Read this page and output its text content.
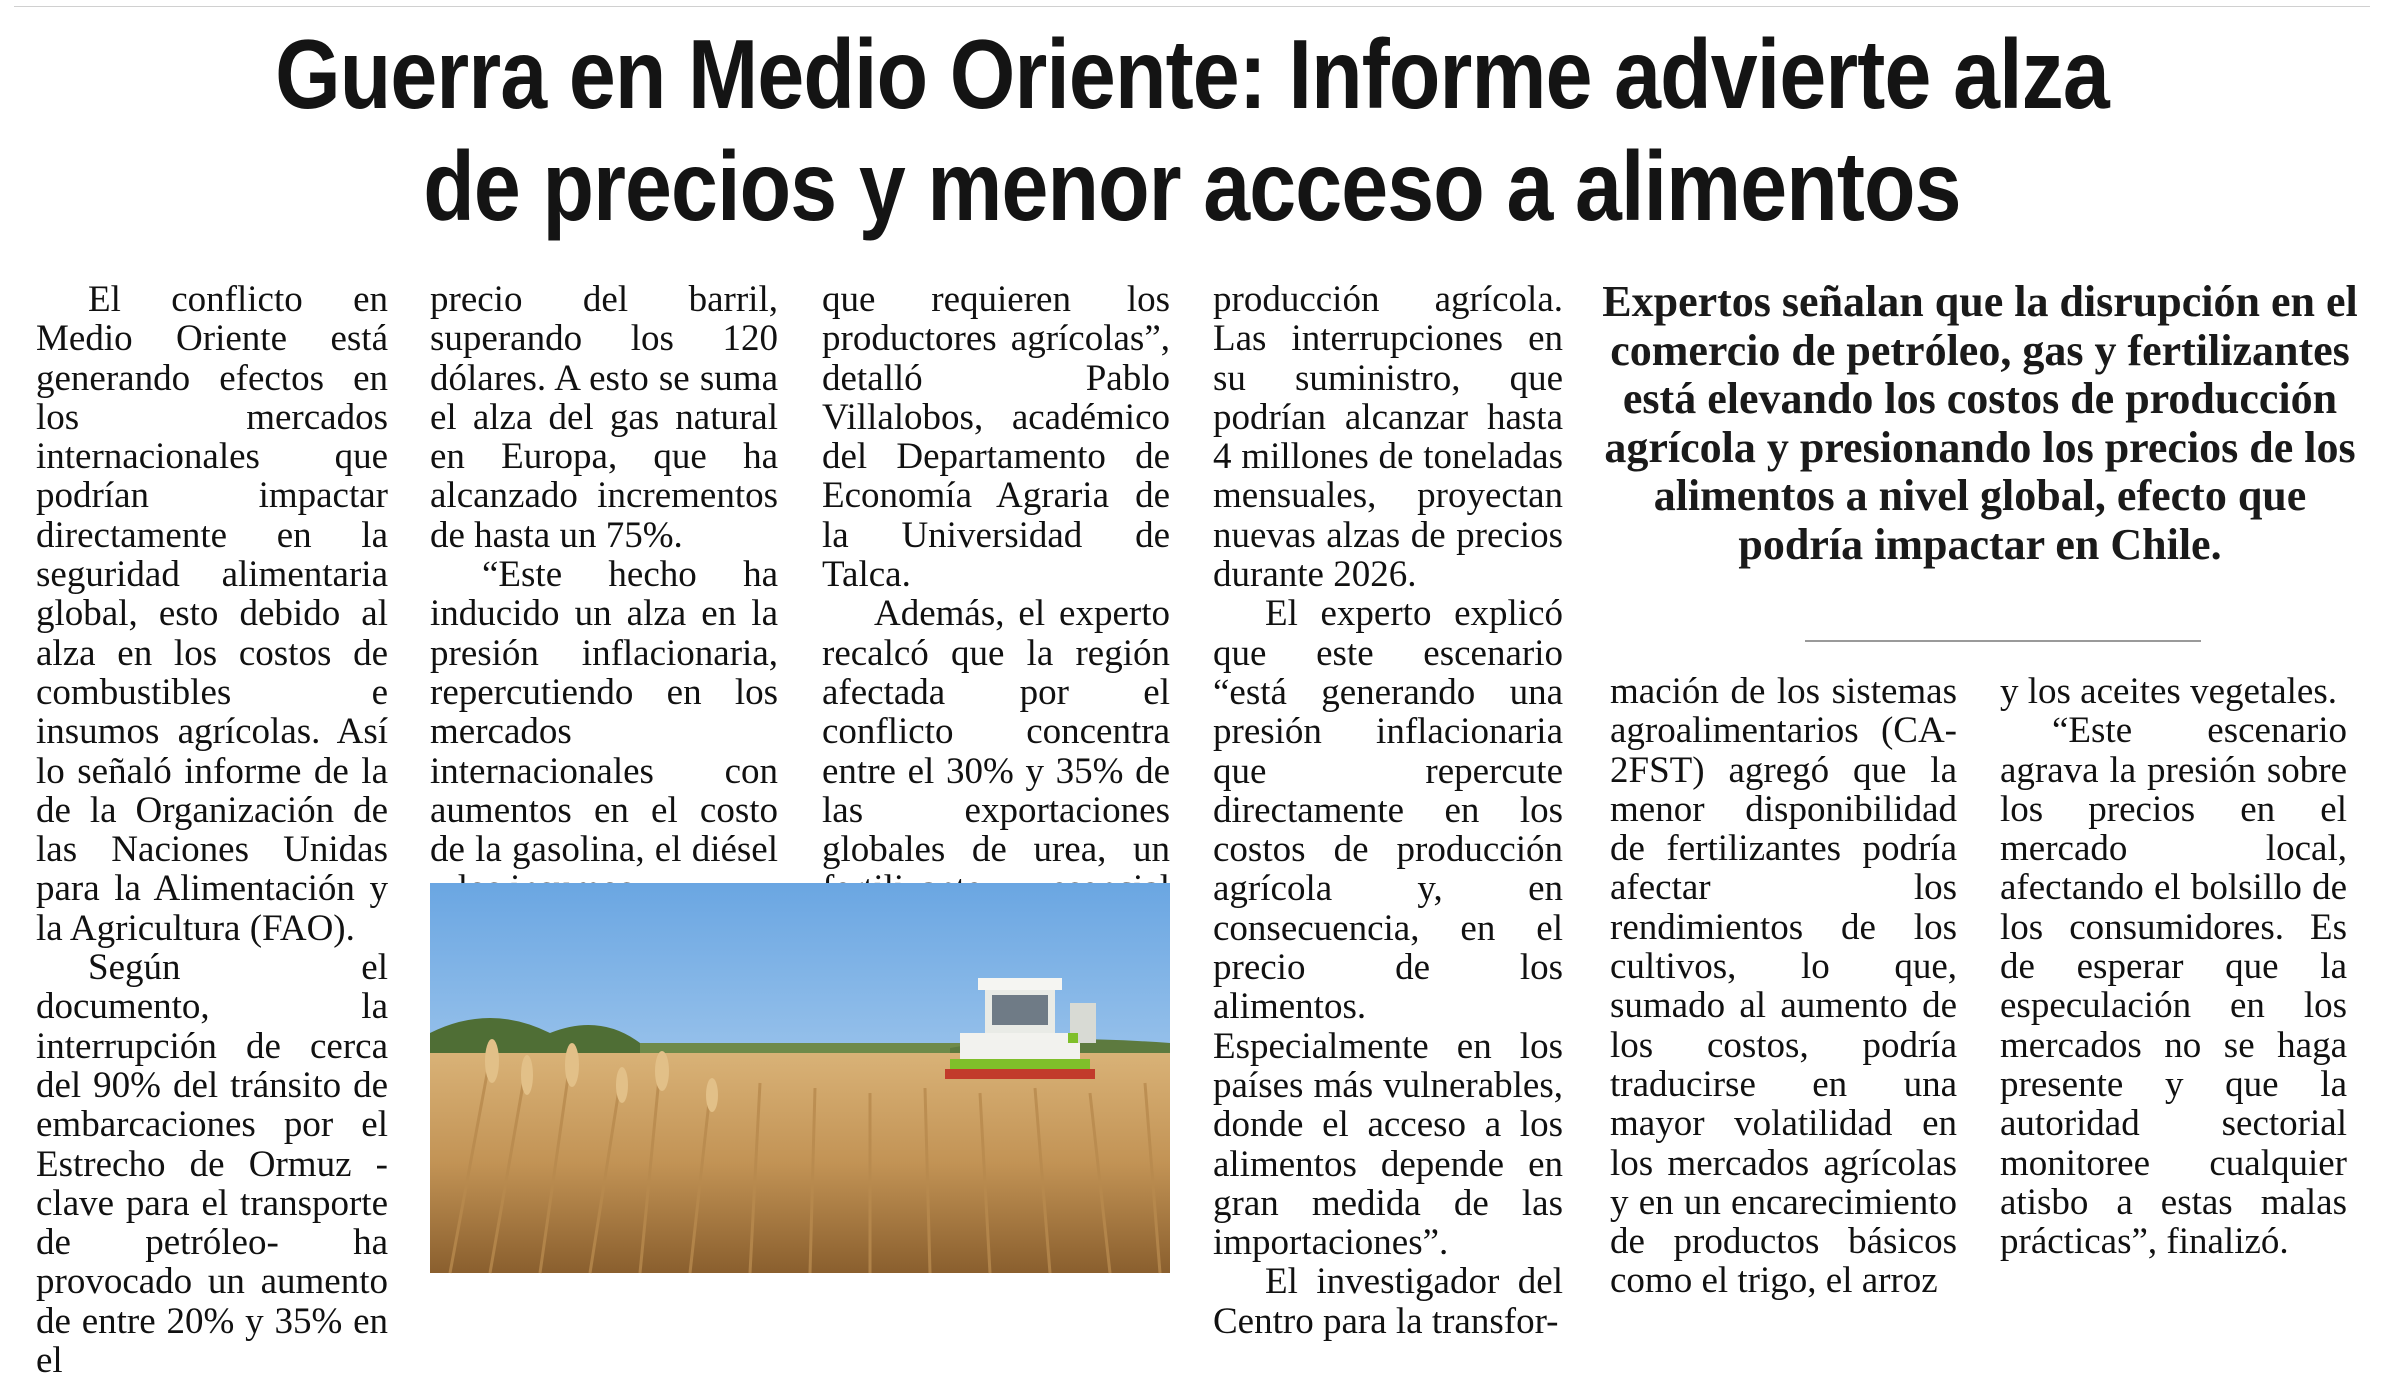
Guerra en Medio Oriente: Informe advierte alza
de precios y menor acceso a alimentos

El conflicto en Medio Oriente está generando efectos en los mercados internacionales que podrían impactar directamente en la seguridad alimentaria global, esto debido al alza en los costos de combustibles e insumos agrícolas. Así lo señaló informe de la de la Organización de las Naciones Unidas para la Alimentación y la Agricultura (FAO).

Según el documento, la interrupción de cerca del 90% del tránsito de embarcaciones por el Estrecho de Ormuz -clave para el transporte de petróleo- ha provocado un aumento de entre 20% y 35% en el

precio del barril, superando los 120 dólares. A esto se suma el alza del gas natural en Europa, que ha alcanzado incrementos de hasta un 75%.

“Este hecho ha inducido un alza en la presión inflacionaria, repercutiendo en los mercados internacionales con aumentos en el costo de la gasolina, el diésel

que requieren los productores agrícolas”, detalló Pablo Villalobos, académico del Departamento de Economía Agraria de la Universidad de Talca.

Además, el experto recalcó que la región afectada por el conflicto concentra entre el 30% y 35% de las exportaciones globales de urea, un

producción agrícola. Las interrupciones en su suministro, que podrían alcanzar hasta 4 millones de toneladas mensuales, proyectan nuevas alzas de precios durante 2026.

El experto explicó que este escenario “está generando una presión inflacionaria que repercute directamente en los costos de producción agrícola y, en consecuencia, en el precio de los alimentos. Especialmente en los países más vulnerables, donde el acceso a los alimentos depende en gran medida de las importaciones”.

El investigador del Centro para la transfor-

Expertos señalan que la disrupción en el comercio de petróleo, gas y fertilizantes está elevando los costos de producción agrícola y presionando los precios de los alimentos a nivel global, efecto que podría impactar en Chile.

mación de los sistemas agroalimentarios (CA-2FST) agregó que la menor disponibilidad de fertilizantes podría afectar los rendimientos de los cultivos, lo que, sumado al aumento de los costos, podría traducirse en una mayor volatilidad en los mercados agrícolas y en un encarecimiento de productos básicos como el trigo, el arroz

y los aceites vegetales.

“Este escenario agrava la presión sobre los precios en el mercado local, afectando el bolsillo de los consumidores. Es de esperar que la especulación en los mercados no se haga presente y que la autoridad sectorial monitoree cualquier atisbo a estas malas prácticas”, finalizó.
